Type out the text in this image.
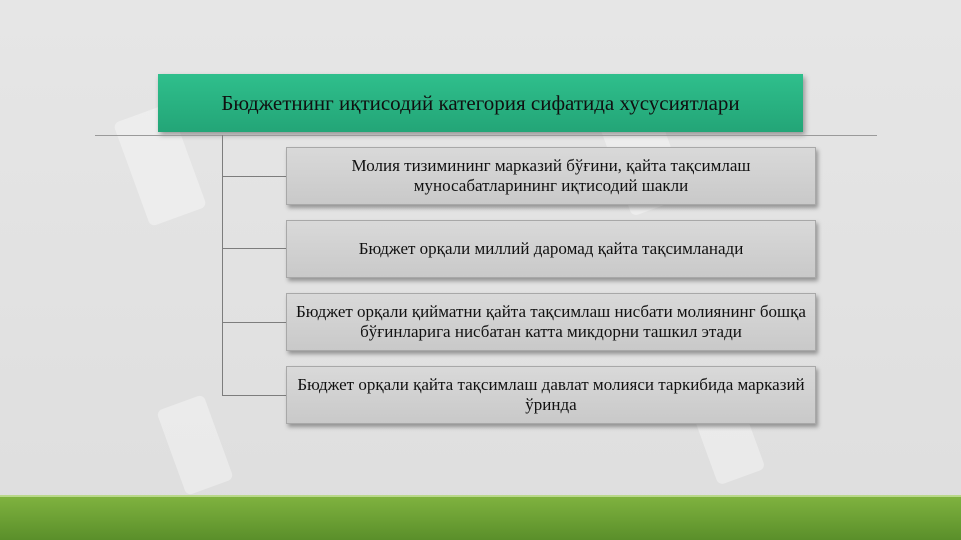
Бюджетнинг иқтисодий категория сифатида хусусиятлари
Молия тизимининг марказий бўғини, қайта тақсимлаш муносабатларининг иқтисодий шакли
Бюджет орқали миллий даромад қайта тақсимланади
Бюджет орқали қийматни қайта тақсимлаш нисбати молиянинг бошқа бўғинларига нисбатан катта микдорни ташкил этади
Бюджет орқали қайта тақсимлаш давлат молияси таркибида марказий ўринда
